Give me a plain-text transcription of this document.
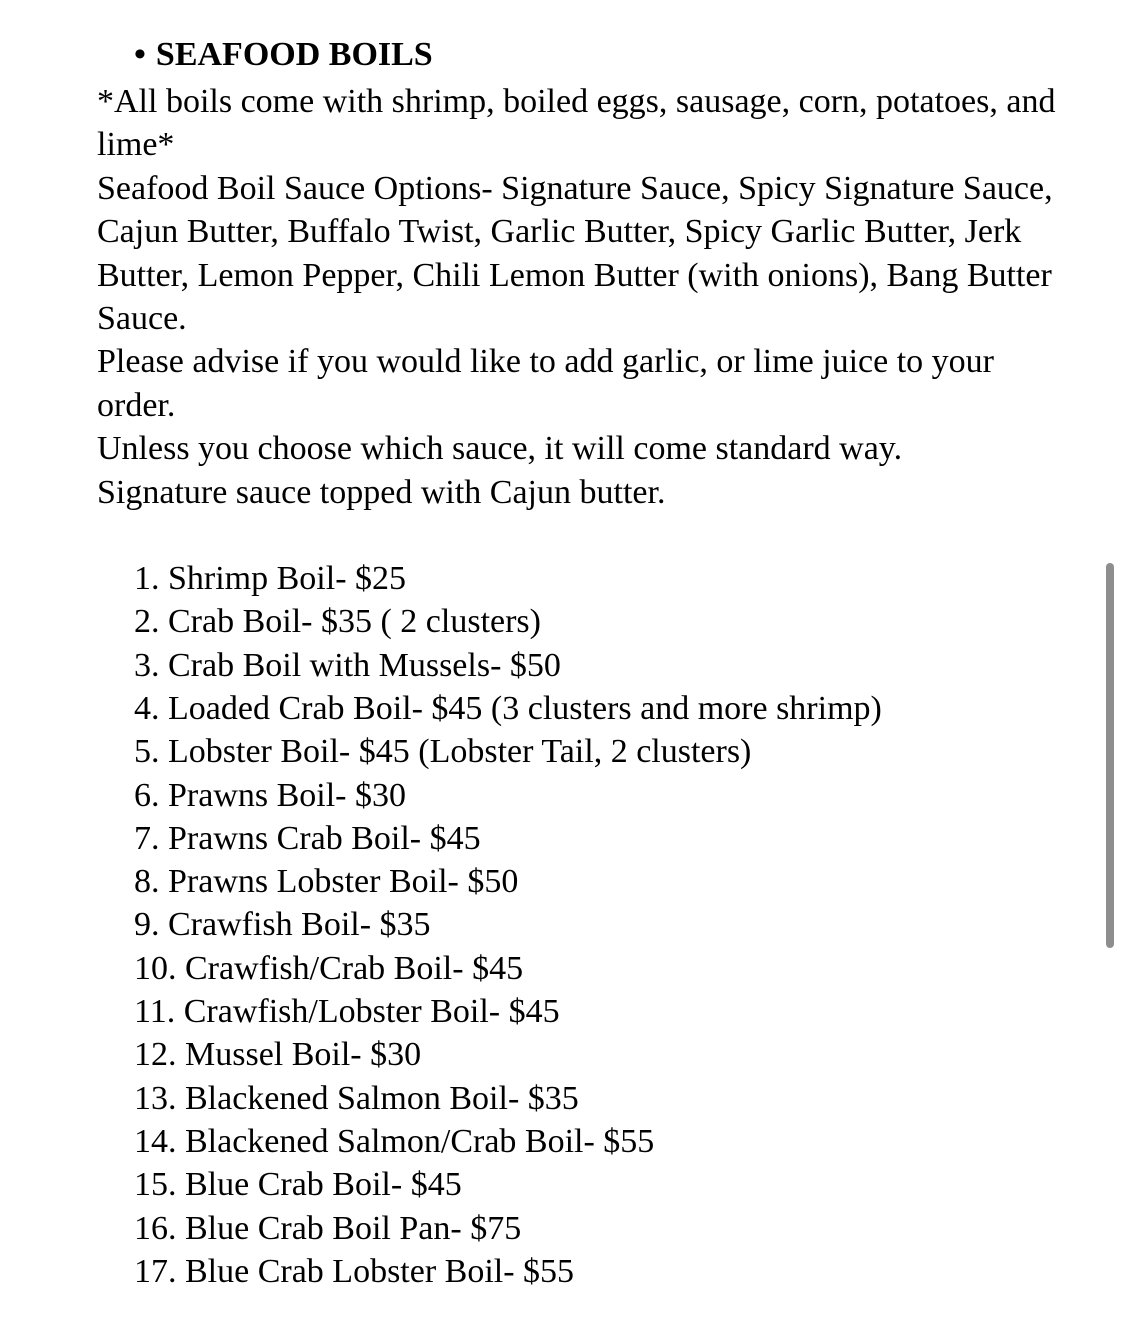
• SEAFOOD BOILS

*All boils come with shrimp, boiled eggs, sausage, corn, potatoes, and lime*

Seafood Boil Sauce Options- Signature Sauce, Spicy Signature Sauce, Cajun Butter, Buffalo Twist, Garlic Butter, Spicy Garlic Butter, Jerk Butter, Lemon Pepper, Chili Lemon Butter (with onions), Bang Butter Sauce.

Please advise if you would like to add garlic, or lime juice to your order.

Unless you choose which sauce, it will come standard way.

Signature sauce topped with Cajun butter.

1. Shrimp Boil- $25
2. Crab Boil- $35 ( 2 clusters)
3. Crab Boil with Mussels- $50
4. Loaded Crab Boil- $45 (3 clusters and more shrimp)
5. Lobster Boil- $45 (Lobster Tail, 2 clusters)
6. Prawns Boil- $30
7. Prawns Crab Boil- $45
8. Prawns Lobster Boil- $50
9. Crawfish Boil- $35
10. Crawfish/Crab Boil- $45
11. Crawfish/Lobster Boil- $45
12. Mussel Boil- $30
13. Blackened Salmon Boil- $35
14. Blackened Salmon/Crab Boil- $55
15. Blue Crab Boil- $45
16. Blue Crab Boil Pan- $75
17. Blue Crab Lobster Boil- $55
